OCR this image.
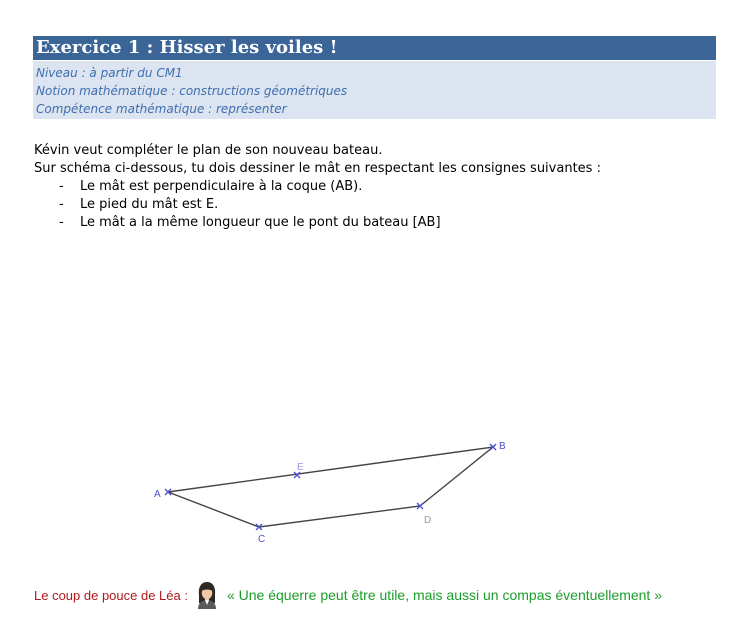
Exercice 1 : Hisser les voiles !
Niveau : à partir du CM1
Notion mathématique : constructions géométriques
Compétence mathématique : représenter

Kévin veut compléter le plan de son nouveau bateau.

Sur schéma ci-dessous, tu dois dessiner le mât en respectant les consignes suivantes :

- Le mât est perpendiculaire à la coque (AB).
- Le pied du mât est E.
- Le mât a la même longueur que le pont du bateau [AB]
A
B
C
D
E
Le coup de pouce de Léa :	« Une équerre peut être utile, mais aussi un compas éventuellement »
